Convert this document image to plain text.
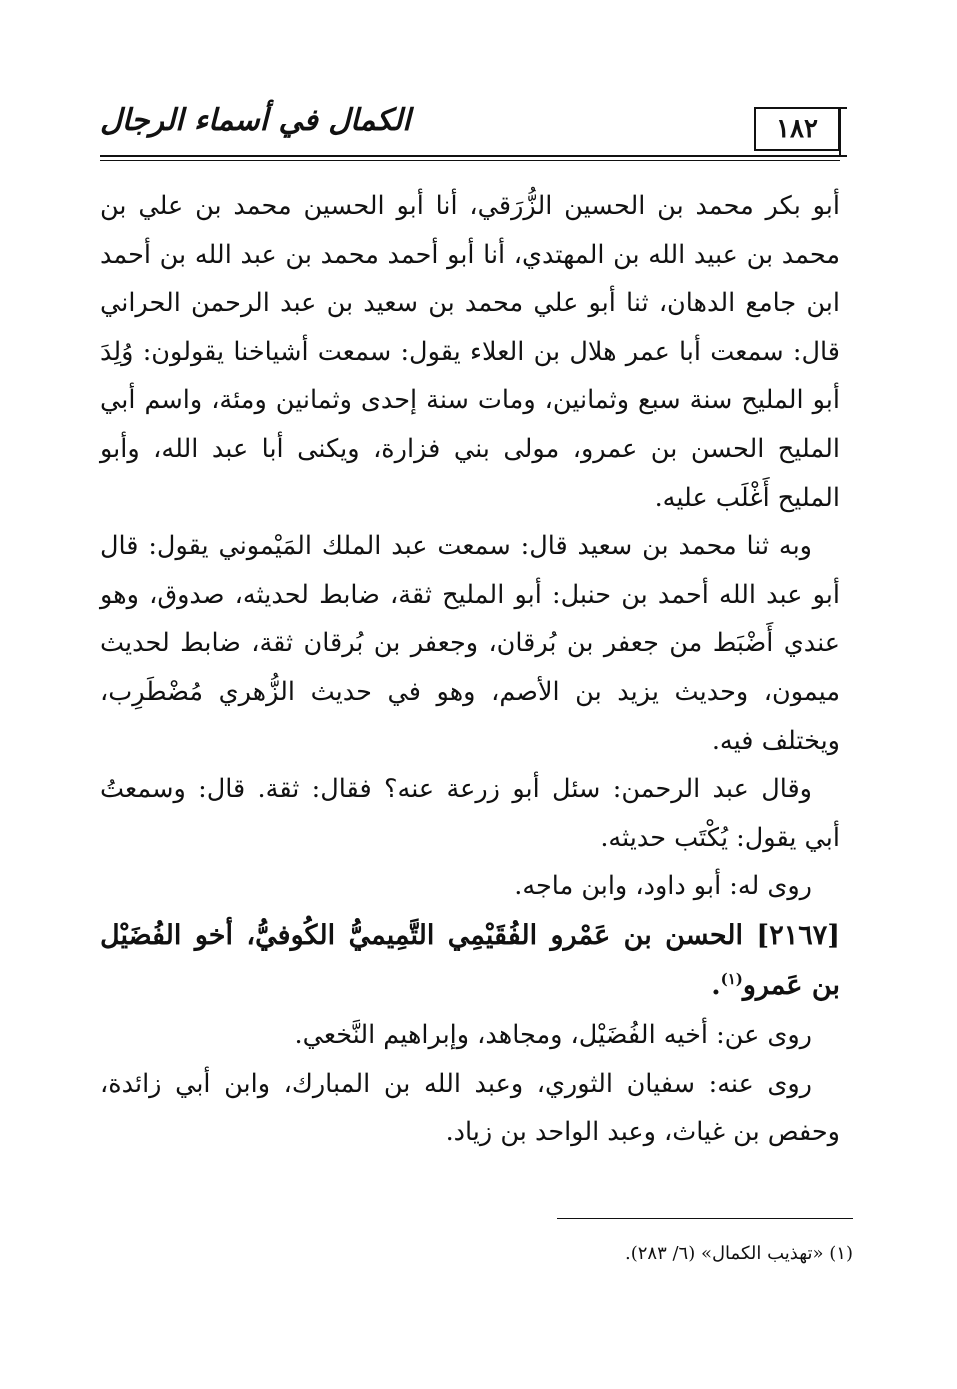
١٨٢
الكمال في أسماء الرجال

أبو بكر محمد بن الحسين الزُّرَقي، أنا أبو الحسين محمد بن علي بن محمد بن عبيد الله بن المهتدي، أنا أبو أحمد محمد بن عبد الله بن أحمد ابن جامع الدهان، ثنا أبو علي محمد بن سعيد بن عبد الرحمن الحراني قال: سمعت أبا عمر هلال بن العلاء يقول: سمعت أشياخنا يقولون: وُلِدَ أبو المليح سنة سبع وثمانين، ومات سنة إحدى وثمانين ومئة، واسم أبي المليح الحسن بن عمرو، مولى بني فزارة، ويكنى أبا عبد الله، وأبو المليح أَغْلَب عليه.

وبه ثنا محمد بن سعيد قال: سمعت عبد الملك المَيْموني يقول: قال أبو عبد الله أحمد بن حنبل: أبو المليح ثقة، ضابط لحديثه، صدوق، وهو عندي أَضْبَط من جعفر بن بُرقان، وجعفر بن بُرقان ثقة، ضابط لحديث ميمون، وحديث يزيد بن الأصم، وهو في حديث الزُّهري مُضْطَرِب، ويختلف فيه.

وقال عبد الرحمن: سئل أبو زرعة عنه؟ فقال: ثقة. قال: وسمعتُ أبي يقول: يُكْتَب حديثه.

روى له: أبو داود، وابن ماجه.

[٢١٦٧] الحسن بن عَمْرو الفُقَيْمِي التَّمِيميُّ الكُوفيُّ، أخو الفُضَيْل بن عَمرو$^{(١)}$.

روى عن: أخيه الفُضَيْل، ومجاهد، وإبراهيم النَّخعي.

روى عنه: سفيان الثوري، وعبد الله بن المبارك، وابن أبي زائدة، وحفص بن غياث، وعبد الواحد بن زياد.

(١) «تهذيب الكمال» (٦/ ٢٨٣).
